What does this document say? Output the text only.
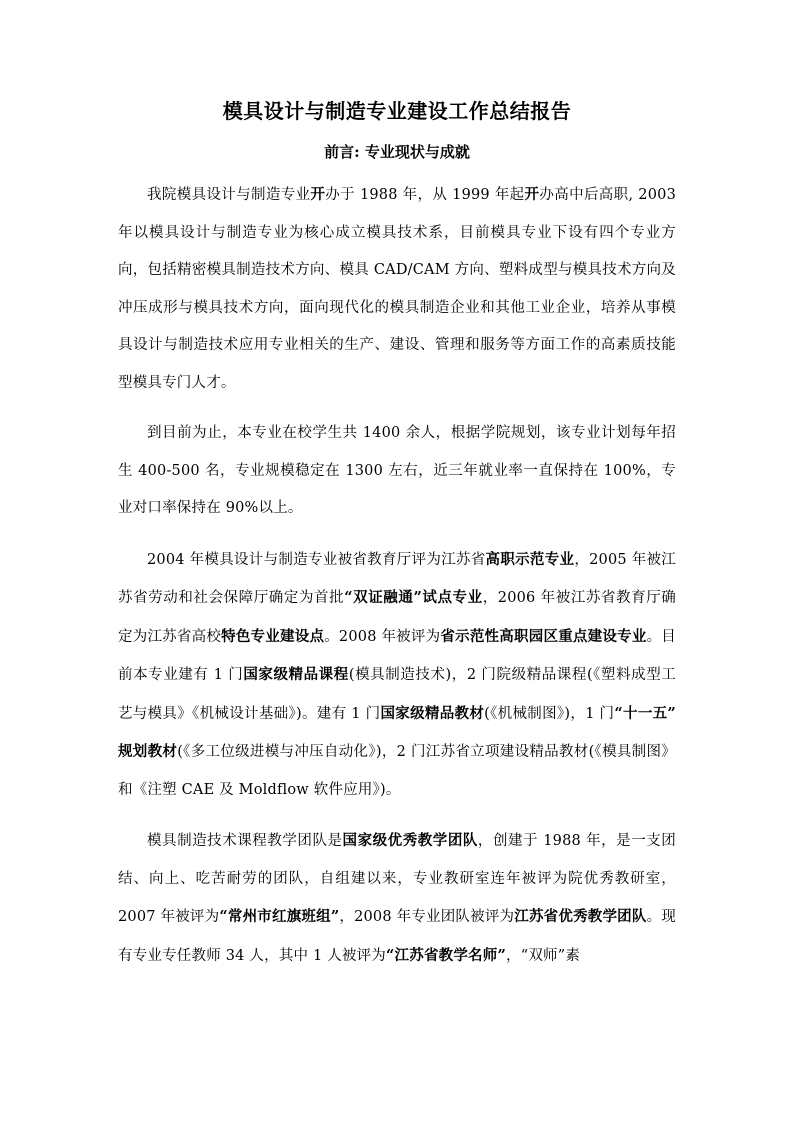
模具设计与制造专业建设工作总结报告
前言: 专业现状与成就

我院模具设计与制造专业开办于 1988 年，从 1999 年起开办高中后高职, 2003 年以模具设计与制造专业为核心成立模具技术系，目前模具专业下设有四个专业方向，包括精密模具制造技术方向、模具 CAD/CAM 方向、塑料成型与模具技术方向及冲压成形与模具技术方向，面向现代化的模具制造企业和其他工业企业，培养从事模具设计与制造技术应用专业相关的生产、建设、管理和服务等方面工作的高素质技能型模具专门人才。

到目前为止，本专业在校学生共 1400 余人，根据学院规划，该专业计划每年招生 400-500 名，专业规模稳定在 1300 左右，近三年就业率一直保持在 100%，专业对口率保持在 90%以上。

2004 年模具设计与制造专业被省教育厅评为江苏省高职示范专业，2005 年被江苏省劳动和社会保障厅确定为首批“双证融通”试点专业，2006 年被江苏省教育厅确定为江苏省高校特色专业建设点。2008 年被评为省示范性高职园区重点建设专业。目前本专业建有 1 门国家级精品课程(模具制造技术)，2 门院级精品课程(《塑料成型工艺与模具》《机械设计基础》)。建有 1 门国家级精品教材(《机械制图》)，1 门“十一五” 规划教材(《多工位级进模与冲压自动化》)，2 门江苏省立项建设精品教材(《模具制图》和《注塑 CAE 及 Moldflow 软件应用》)。

模具制造技术课程教学团队是国家级优秀教学团队，创建于 1988 年，是一支团结、向上、吃苦耐劳的团队，自组建以来，专业教研室连年被评为院优秀教研室，2007 年被评为“常州市红旗班组”，2008 年专业团队被评为江苏省优秀教学团队。现有专业专任教师 34 人，其中 1 人被评为“江苏省教学名师”，“双师”素
